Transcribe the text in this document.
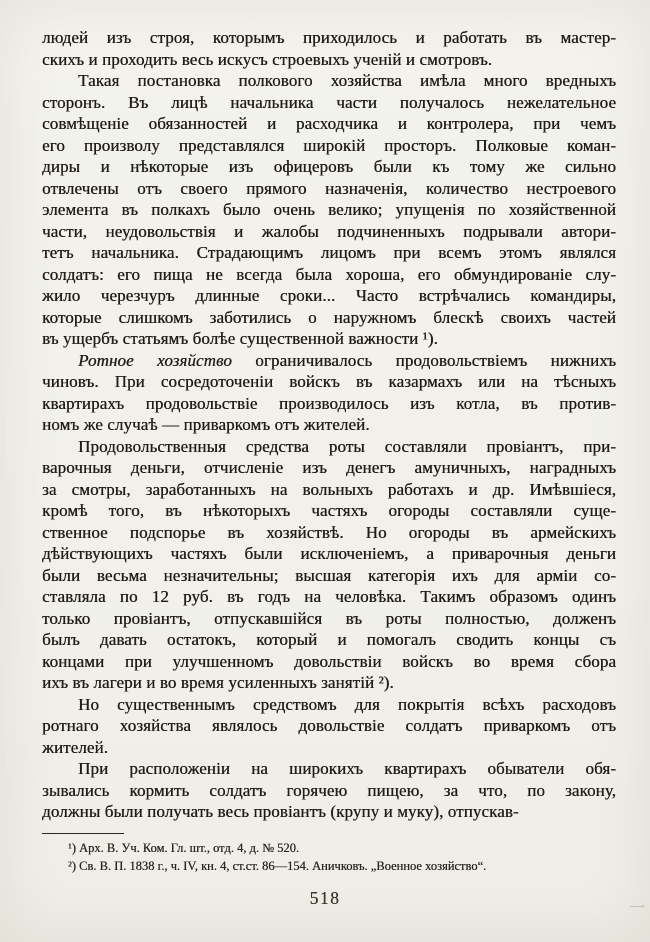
людей изъ строя, которымъ приходилось и работать въ мастер-
скихъ и проходить весь искусъ строевыхъ ученій и смотровъ.
Такая постановка полкового хозяйства имѣла много вредныхъ
сторонъ. Въ лицѣ начальника части получалось нежелательное
совмѣщеніе обязанностей и расходчика и контролера, при чемъ
его произволу представлялся широкій просторъ. Полковые коман-
диры и нѣкоторые изъ офицеровъ были къ тому же сильно
отвлечены отъ своего прямого назначенія, количество нестроевого
элемента въ полкахъ было очень велико; упущенія по хозяйственной
части, неудовольствія и жалобы подчиненныхъ подрывали автори-
тетъ начальника. Страдающимъ лицомъ при всемъ этомъ являлся
солдатъ: его пища не всегда была хороша, его обмундированіе слу-
жило черезчуръ длинные сроки... Часто встрѣчались командиры,
которые слишкомъ заботились о наружномъ блескѣ своихъ частей
въ ущербъ статьямъ болѣе существенной важности ¹).
Ротное хозяйство ограничивалось продовольствіемъ нижнихъ
чиновъ. При сосредоточеніи войскъ въ казармахъ или на тѣсныхъ
квартирахъ продовольствіе производилось изъ котла, въ против-
номъ же случаѣ — приваркомъ отъ жителей.
Продовольственныя средства роты составляли провіантъ, при-
варочныя деньги, отчисленіе изъ денегъ амуничныхъ, наградныхъ
за смотры, заработанныхъ на вольныхъ работахъ и др. Имѣвшіеся,
кромѣ того, въ нѣкоторыхъ частяхъ огороды составляли суще-
ственное подспорье въ хозяйствѣ. Но огороды въ армейскихъ
дѣйствующихъ частяхъ были исключеніемъ, а приварочныя деньги
были весьма незначительны; высшая категорія ихъ для арміи со-
ставляла по 12 руб. въ годъ на человѣка. Такимъ образомъ одинъ
только провіантъ, отпускавшійся въ роты полностью, долженъ
былъ давать остатокъ, который и помогалъ сводить концы съ
концами при улучшенномъ довольствіи войскъ во время сбора
ихъ въ лагери и во время усиленныхъ занятій ²).
Но существеннымъ средствомъ для покрытія всѣхъ расходовъ
ротнаго хозяйства являлось довольствіе солдатъ приваркомъ отъ
жителей.
При расположеніи на широкихъ квартирахъ обыватели обя-
зывались кормить солдатъ горячею пищею, за что, по закону,
должны были получать весь провіантъ (крупу и муку), отпускав-
¹) Арх. В. Уч. Ком. Гл. шт., отд. 4, д. № 520.
²) Св. В. П. 1838 г., ч. IV, кн. 4, ст.ст. 86—154. Аничковъ. „Военное хозяйство“.
518	—-
